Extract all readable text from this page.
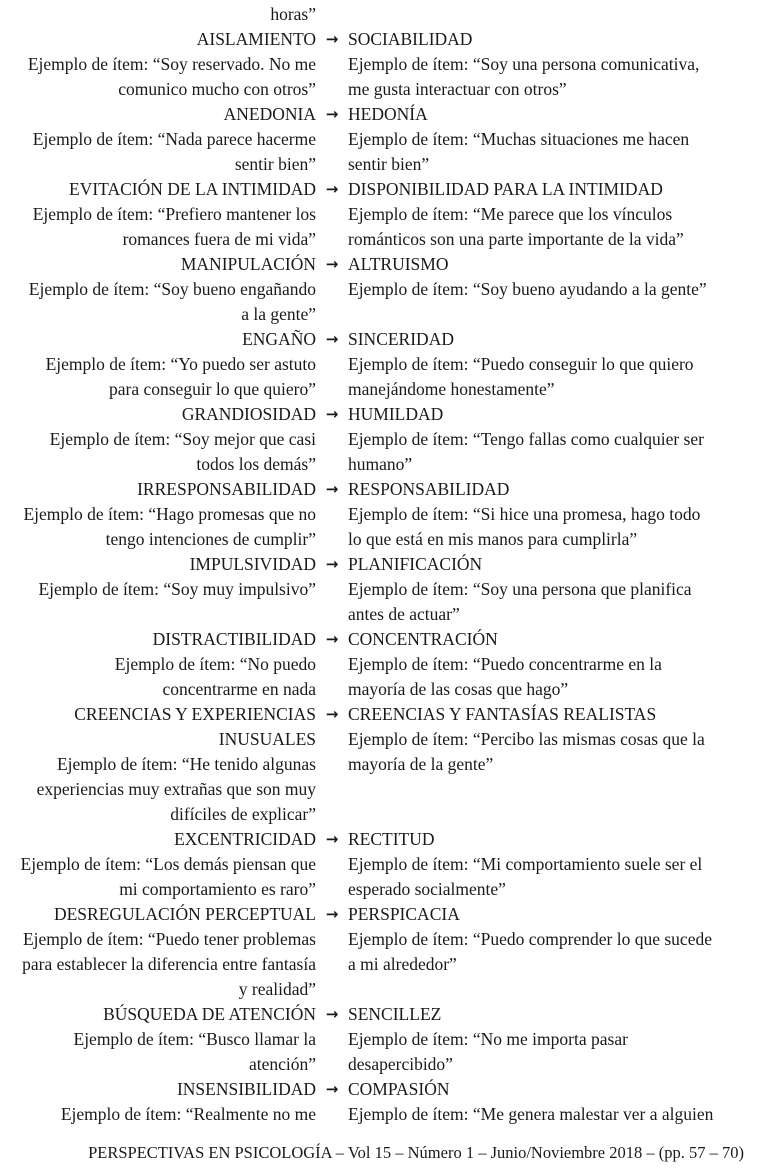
horas”
AISLAMIENTO → SOCIABILIDAD
Ejemplo de ítem: “Soy reservado. No me
comunico mucho con otros”
Ejemplo de ítem: “Soy una persona comunicativa,
me gusta interactuar con otros”
ANEDONIA → HEDONÍA
Ejemplo de ítem: “Nada parece hacerme
sentir bien”
Ejemplo de ítem: “Muchas situaciones me hacen
sentir bien”
EVITACIÓN DE LA INTIMIDAD → DISPONIBILIDAD PARA LA INTIMIDAD
Ejemplo de ítem: “Prefiero mantener los
romances fuera de mi vida”
Ejemplo de ítem: “Me parece que los vínculos
románticos son una parte importante de la vida”
MANIPULACIÓN → ALTRUISMO
Ejemplo de ítem: “Soy bueno engañando
a la gente”
Ejemplo de ítem: “Soy bueno ayudando a la gente”
ENGAÑO → SINCERIDAD
Ejemplo de ítem: “Yo puedo ser astuto
para conseguir lo que quiero”
Ejemplo de ítem: “Puedo conseguir lo que quiero
manejándome honestamente”
GRANDIOSIDAD → HUMILDAD
Ejemplo de ítem: “Soy mejor que casi
todos los demás”
Ejemplo de ítem: “Tengo fallas como cualquier ser
humano”
IRRESPONSABILIDAD → RESPONSABILIDAD
Ejemplo de ítem: “Hago promesas que no
tengo intenciones de cumplir”
Ejemplo de ítem: “Si hice una promesa, hago todo
lo que está en mis manos para cumplirla”
IMPULSIVIDAD → PLANIFICACIÓN
Ejemplo de ítem: “Soy muy impulsivo” Ejemplo de ítem: “Soy una persona que planifica
antes de actuar”
DISTRACTIBILIDAD → CONCENTRACIÓN
Ejemplo de ítem: “No puedo
concentrarme en nada
Ejemplo de ítem: “Puedo concentrarme en la
mayoría de las cosas que hago”
CREENCIAS Y EXPERIENCIAS
INUSUALES
→ CREENCIAS Y FANTASÍAS REALISTAS
Ejemplo de ítem: “Percibo las mismas cosas que la
mayoría de la gente”
Ejemplo de ítem: “He tenido algunas
experiencias muy extrañas que son muy
difíciles de explicar”
EXCENTRICIDAD → RECTITUD
Ejemplo de ítem: “Los demás piensan que
mi comportamiento es raro”
Ejemplo de ítem: “Mi comportamiento suele ser el
esperado socialmente”
DESREGULACIÓN PERCEPTUAL → PERSPICACIA
Ejemplo de ítem: “Puedo tener problemas
para establecer la diferencia entre fantasía
y realidad”
Ejemplo de ítem: “Puedo comprender lo que sucede
a mi alrededor”
BÚSQUEDA DE ATENCIÓN → SENCILLEZ
Ejemplo de ítem: “Busco llamar la
atención”
Ejemplo de ítem: “No me importa pasar
desapercibido”
INSENSIBILIDAD → COMPASIÓN
Ejemplo de ítem: “Realmente no me Ejemplo de ítem: “Me genera malestar ver a alguien
PERSPECTIVAS EN PSICOLOGÍA – Vol 15 – Número 1 – Junio/Noviembre 2018 – (pp. 57 – 70)
